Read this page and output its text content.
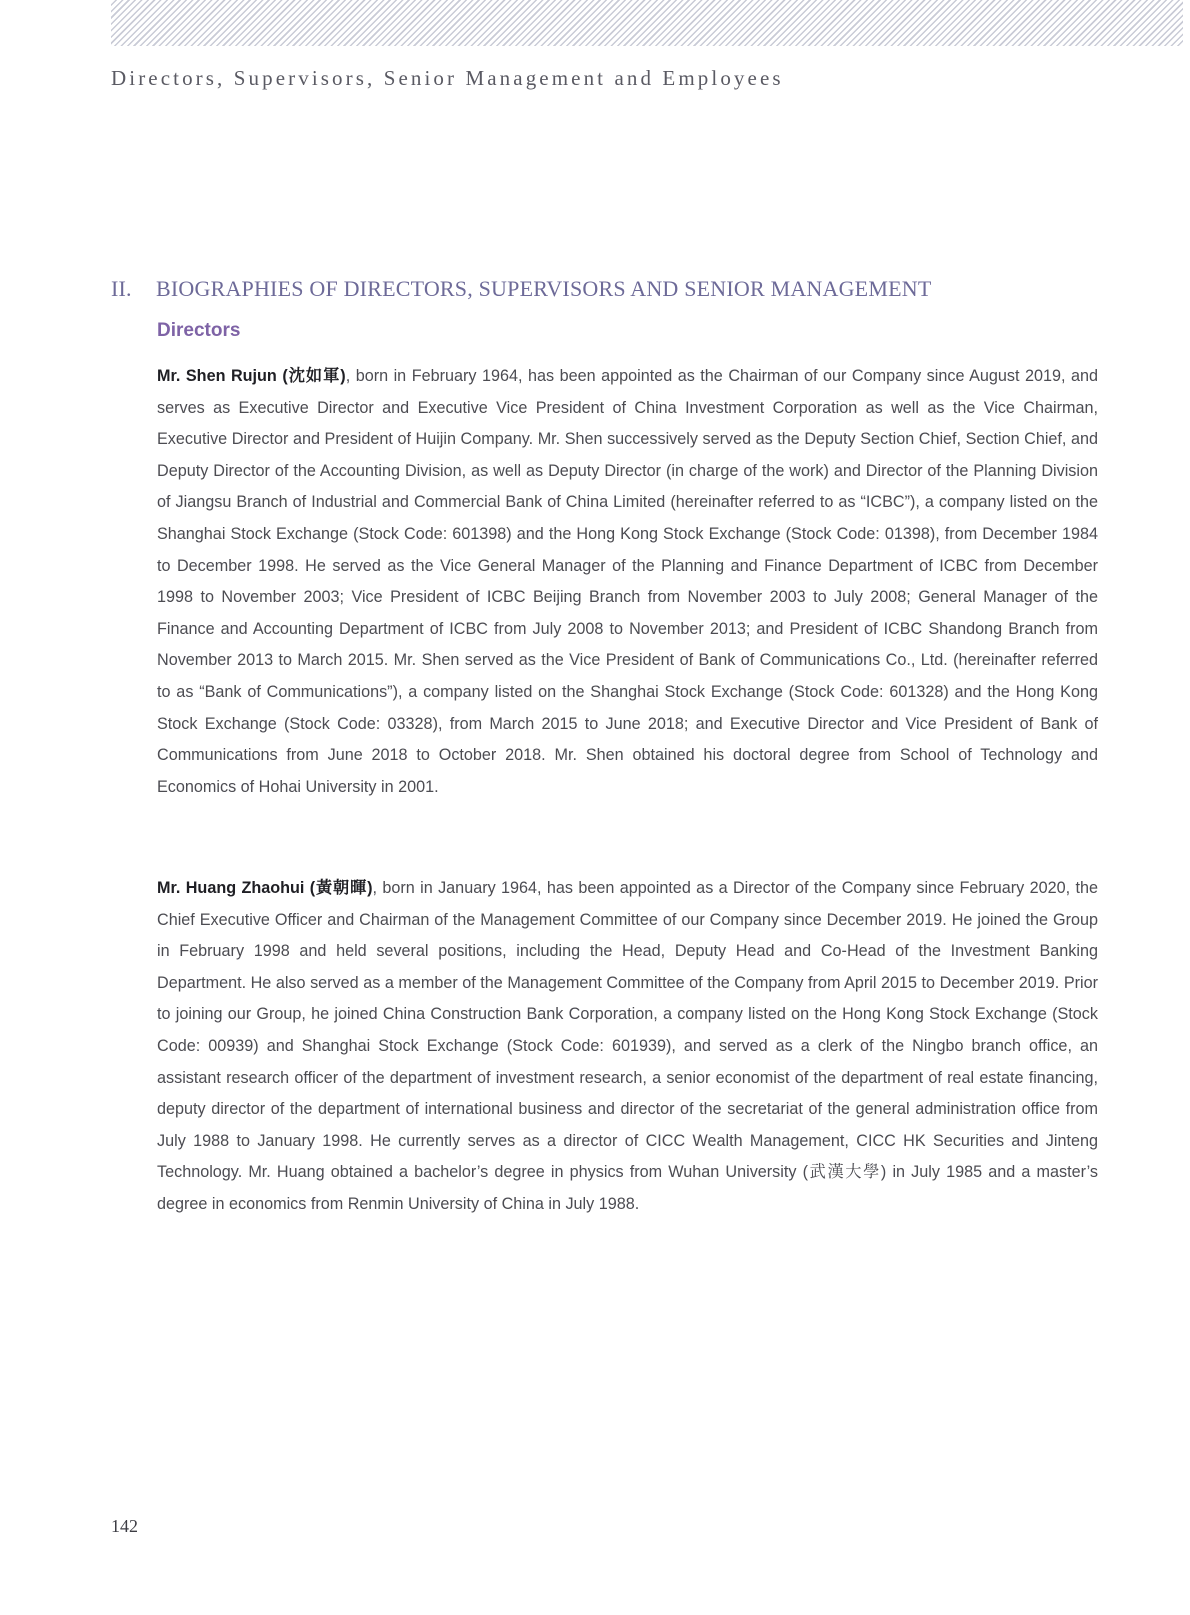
Directors, Supervisors, Senior Management and Employees
II. BIOGRAPHIES OF DIRECTORS, SUPERVISORS AND SENIOR MANAGEMENT
Directors

Mr. Shen Rujun (沈如軍), born in February 1964, has been appointed as the Chairman of our Company since August 2019, and serves as Executive Director and Executive Vice President of China Investment Corporation as well as the Vice Chairman, Executive Director and President of Huijin Company. Mr. Shen successively served as the Deputy Section Chief, Section Chief, and Deputy Director of the Accounting Division, as well as Deputy Director (in charge of the work) and Director of the Planning Division of Jiangsu Branch of Industrial and Commercial Bank of China Limited (hereinafter referred to as “ICBC”), a company listed on the Shanghai Stock Exchange (Stock Code: 601398) and the Hong Kong Stock Exchange (Stock Code: 01398), from December 1984 to December 1998. He served as the Vice General Manager of the Planning and Finance Department of ICBC from December 1998 to November 2003; Vice President of ICBC Beijing Branch from November 2003 to July 2008; General Manager of the Finance and Accounting Department of ICBC from July 2008 to November 2013; and President of ICBC Shandong Branch from November 2013 to March 2015. Mr. Shen served as the Vice President of Bank of Communications Co., Ltd. (hereinafter referred to as “Bank of Communications”), a company listed on the Shanghai Stock Exchange (Stock Code: 601328) and the Hong Kong Stock Exchange (Stock Code: 03328), from March 2015 to June 2018; and Executive Director and Vice President of Bank of Communications from June 2018 to October 2018. Mr. Shen obtained his doctoral degree from School of Technology and Economics of Hohai University in 2001.

Mr. Huang Zhaohui (黃朝暉), born in January 1964, has been appointed as a Director of the Company since February 2020, the Chief Executive Officer and Chairman of the Management Committee of our Company since December 2019. He joined the Group in February 1998 and held several positions, including the Head, Deputy Head and Co-Head of the Investment Banking Department. He also served as a member of the Management Committee of the Company from April 2015 to December 2019. Prior to joining our Group, he joined China Construction Bank Corporation, a company listed on the Hong Kong Stock Exchange (Stock Code: 00939) and Shanghai Stock Exchange (Stock Code: 601939), and served as a clerk of the Ningbo branch office, an assistant research officer of the department of investment research, a senior economist of the department of real estate financing, deputy director of the department of international business and director of the secretariat of the general administration office from July 1988 to January 1998. He currently serves as a director of CICC Wealth Management, CICC HK Securities and Jinteng Technology. Mr. Huang obtained a bachelor’s degree in physics from Wuhan University (武漢大學) in July 1985 and a master’s degree in economics from Renmin University of China in July 1988.

142
